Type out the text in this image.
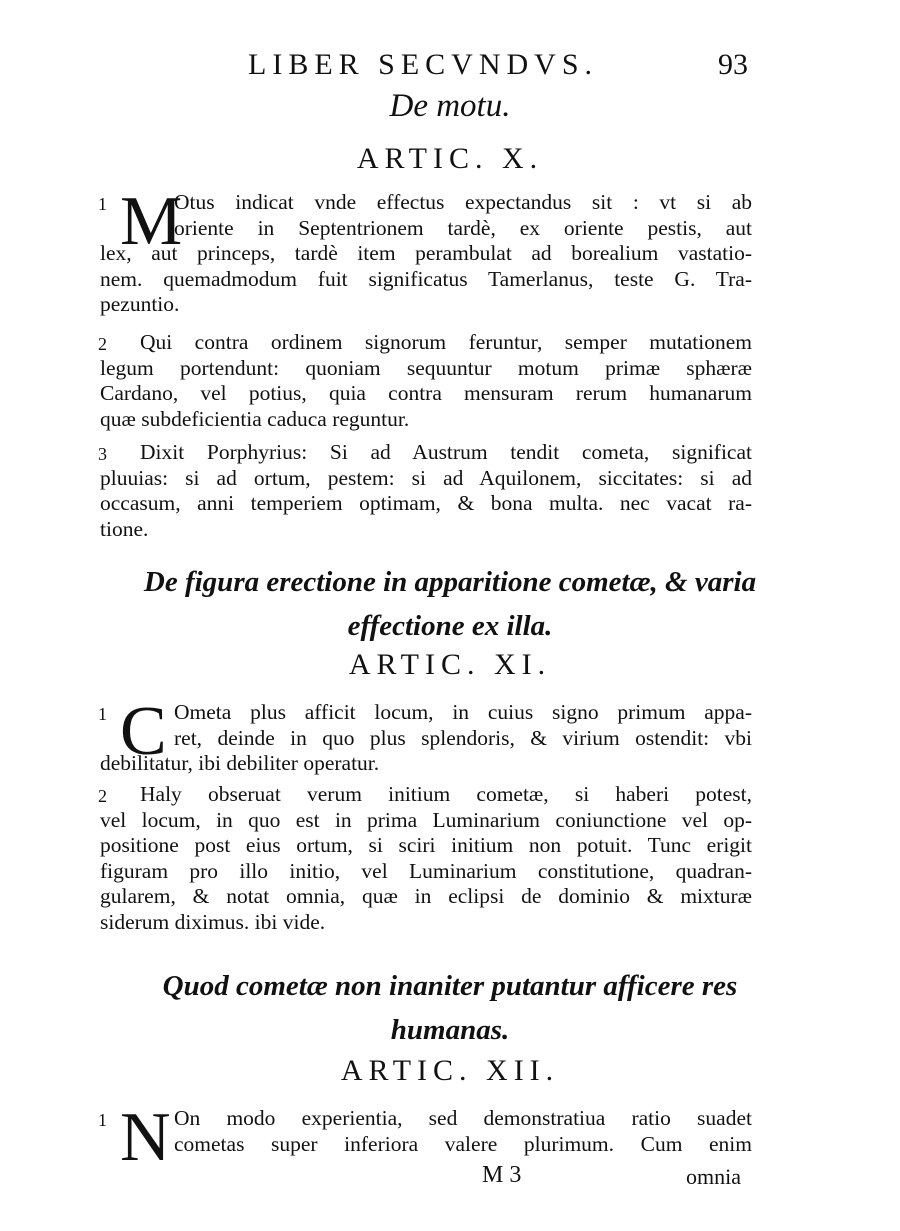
LIBER SECVNDVS.	93
De motu.
ARTIC. X.
1 M
Otus indicat vnde effectus expectandus sit : vt si ab
oriente in Septentrionem tardè, ex oriente pestis, aut
lex, aut princeps, tardè item perambulat ad borealium vastatio-
nem. quemadmodum fuit significatus Tamerlanus, teste G. Tra-
pezuntio.
2	Qui contra ordinem signorum feruntur, semper mutationem
legum portendunt: quoniam sequuntur motum primæ sphæræ
Cardano, vel potius, quia contra mensuram rerum humanarum
quæ subdeficientia caduca reguntur.
3	Dixit Porphyrius: Si ad Austrum tendit cometa, significat
pluuias: si ad ortum, pestem: si ad Aquilonem, siccitates: si ad
occasum, anni temperiem optimam, & bona multa. nec vacat ra-
tione.
De figura erectione in apparitione cometæ, & varia
effectione ex illa.
ARTIC. XI.
1 C Ometa plus afficit locum, in cuius signo primum appa-
ret, deinde in quo plus splendoris, & virium ostendit: vbi
debilitatur, ibi debiliter operatur.
2	Haly obseruat verum initium cometæ, si haberi potest,
vel locum, in quo est in prima Luminarium coniunctione vel op-
positione post eius ortum, si sciri initium non potuit. Tunc erigit
figuram pro illo initio, vel Luminarium constitutione, quadran-
gularem, & notat omnia, quæ in eclipsi de dominio & mixturæ
siderum diximus. ibi vide.
Quod cometæ non inaniter putantur afficere res
humanas.
ARTIC. XII.
1 N On modo experientia, sed demonstratiua ratio suadet
cometas super inferiora valere plurimum. Cum enim
M 3	omnia
